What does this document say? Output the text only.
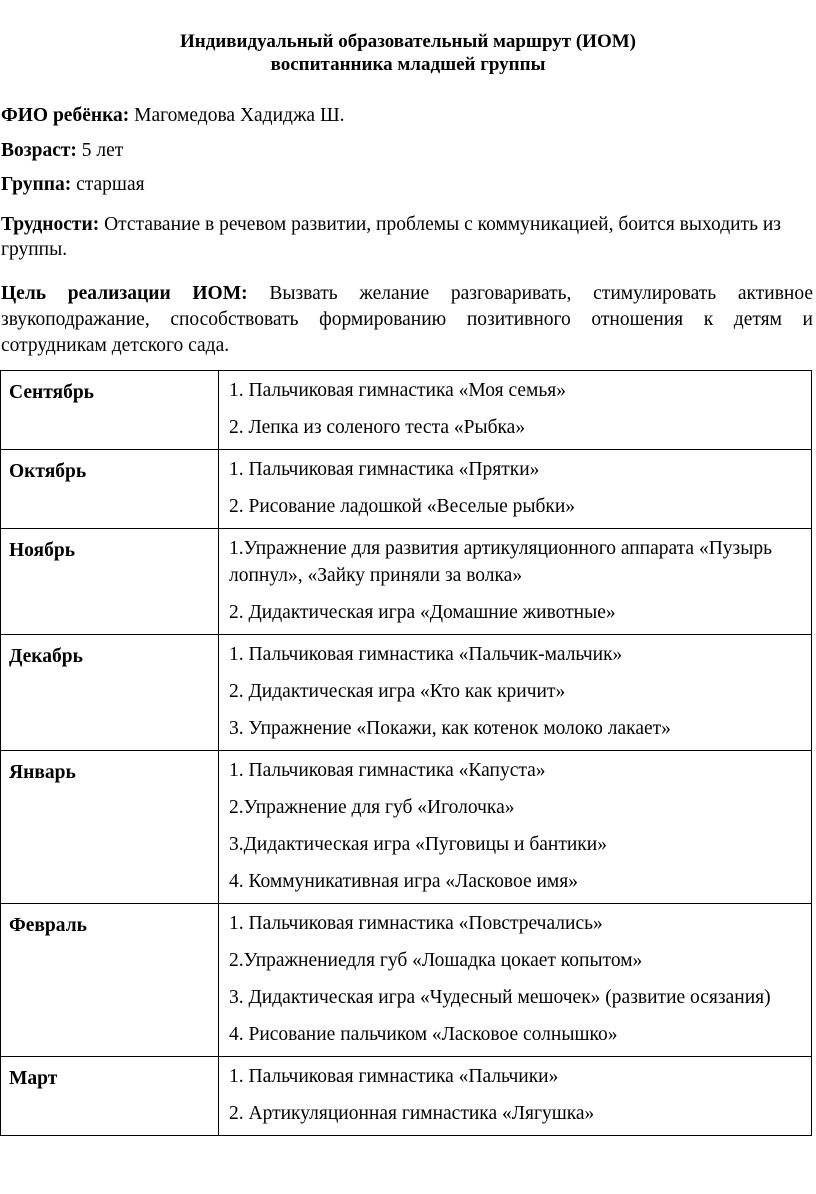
Индивидуальный образовательный маршрут (ИОМ)
воспитанника младшей группы
ФИО ребёнка: Магомедова Хадиджа Ш.
Возраст: 5 лет
Группа: старшая
Трудности: Отставание в речевом развитии, проблемы с коммуникацией, боится выходить из группы.
Цель реализации ИОМ: Вызвать желание разговаривать, стимулировать активное звукоподражание, способствовать формированию позитивного отношения к детям и сотрудникам детского сада.
Сентябрь	1. Пальчиковая гимнастика «Моя семья»
2. Лепка из соленого теста «Рыбка»

Октябрь	1. Пальчиковая гимнастика «Прятки»
2. Рисование ладошкой «Веселые рыбки»

Ноябрь	1.Упражнение для развития артикуляционного аппарата «Пузырь лопнул», «Зайку приняли за волка»
2. Дидактическая игра «Домашние животные»

Декабрь	1. Пальчиковая гимнастика «Пальчик-мальчик»
2. Дидактическая игра «Кто как кричит»
3. Упражнение «Покажи, как котенок молоко лакает»

Январь	1. Пальчиковая гимнастика «Капуста»
2.Упражнение для губ «Иголочка»
3.Дидактическая игра «Пуговицы и бантики»
4. Коммуникативная игра «Ласковое имя»

Февраль	1. Пальчиковая гимнастика «Повстречались»
2.Упражнениедля губ «Лошадка цокает копытом»
3. Дидактическая игра «Чудесный мешочек» (развитие осязания)
4. Рисование пальчиком «Ласковое солнышко»

Март	1. Пальчиковая гимнастика «Пальчики»
2. Артикуляционная гимнастика «Лягушка»
